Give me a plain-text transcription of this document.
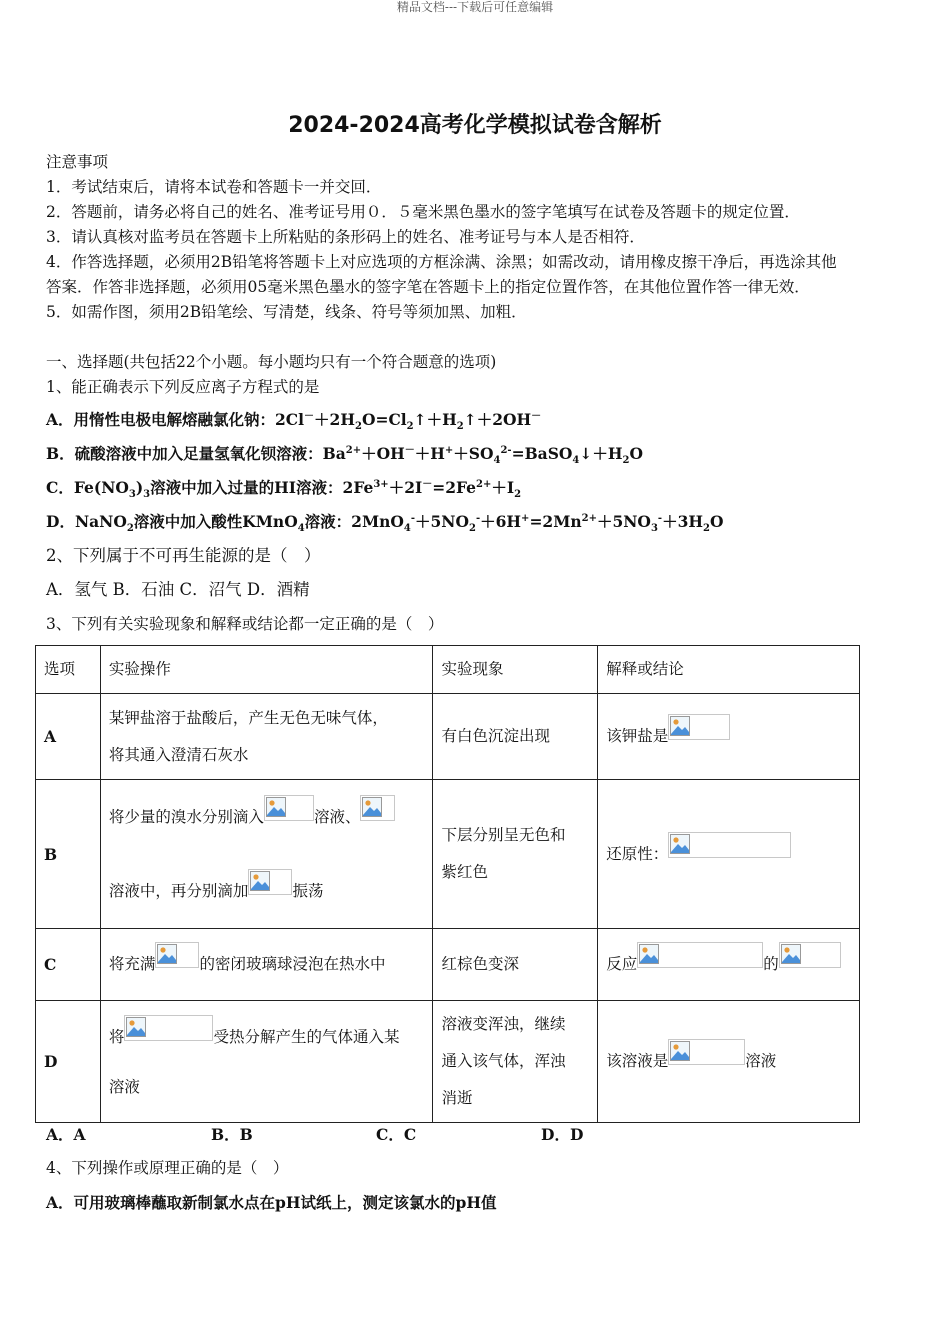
精品文档---下载后可任意编辑
2024-2024高考化学模拟试卷含解析
注意事项
1．考试结束后，请将本试卷和答题卡一并交回．
2．答题前，请务必将自己的姓名、准考证号用０．５毫米黑色墨水的签字笔填写在试卷及答题卡的规定位置．
3．请认真核对监考员在答题卡上所粘贴的条形码上的姓名、准考证号与本人是否相符．
4．作答选择题，必须用2B铅笔将答题卡上对应选项的方框涂满、涂黑；如需改动，请用橡皮擦干净后，再选涂其他
答案．作答非选择题，必须用05毫米黑色墨水的签字笔在答题卡上的指定位置作答，在其他位置作答一律无效．
5．如需作图，须用2B铅笔绘、写清楚，线条、符号等须加黑、加粗．
一、选择题(共包括22个小题。每小题均只有一个符合题意的选项)
1、能正确表示下列反应离子方程式的是
A．用惰性电极电解熔融氯化钠：$2Cl^-+2H_2O=Cl_2↑+H_2↑+2OH^-$
B．硫酸溶液中加入足量氢氧化钡溶液：$Ba^{2+}+OH^-+H^++SO_4^{2-}=BaSO_4↓+H_2O$
C．$Fe(NO_3)_3$溶液中加入过量的HI溶液：$2Fe^{3+}+2I^-=2Fe^{2+}+I_2$
D．NaNO$_2$溶液中加入酸性KMnO$_4$溶液：$2MnO_4^-+5NO_2^-+6H^+=2Mn^{2+}+5NO_3^-+3H_2O$
2、下列属于不可再生能源的是（　）
A．氢气 B．石油 C．沼气 D．酒精
3、下列有关实验现象和解释或结论都一定正确的是（　）
选项	实验操作	实验现象	解释或结论
A	某钾盐溶于盐酸后，产生无色无味气体，
将其通入澄清石灰水	有白色沉淀出现	该钾盐是

B	将少量的溴水分别滴入 溶液、

溶液中，再分别滴加 振荡	下层分别呈无色和
紫红色	还原性：

C	将充满 的密闭玻璃球浸泡在热水中	红棕色变深	反应 的

D	将 受热分解产生的气体通入某
溶液	溶液变浑浊，继续
通入该气体，浑浊
消逝	该溶液是 溶液
A．A	B．B	C．C	D．D
4、下列操作或原理正确的是（　）
A．可用玻璃棒蘸取新制氯水点在pH试纸上，测定该氯水的pH值
